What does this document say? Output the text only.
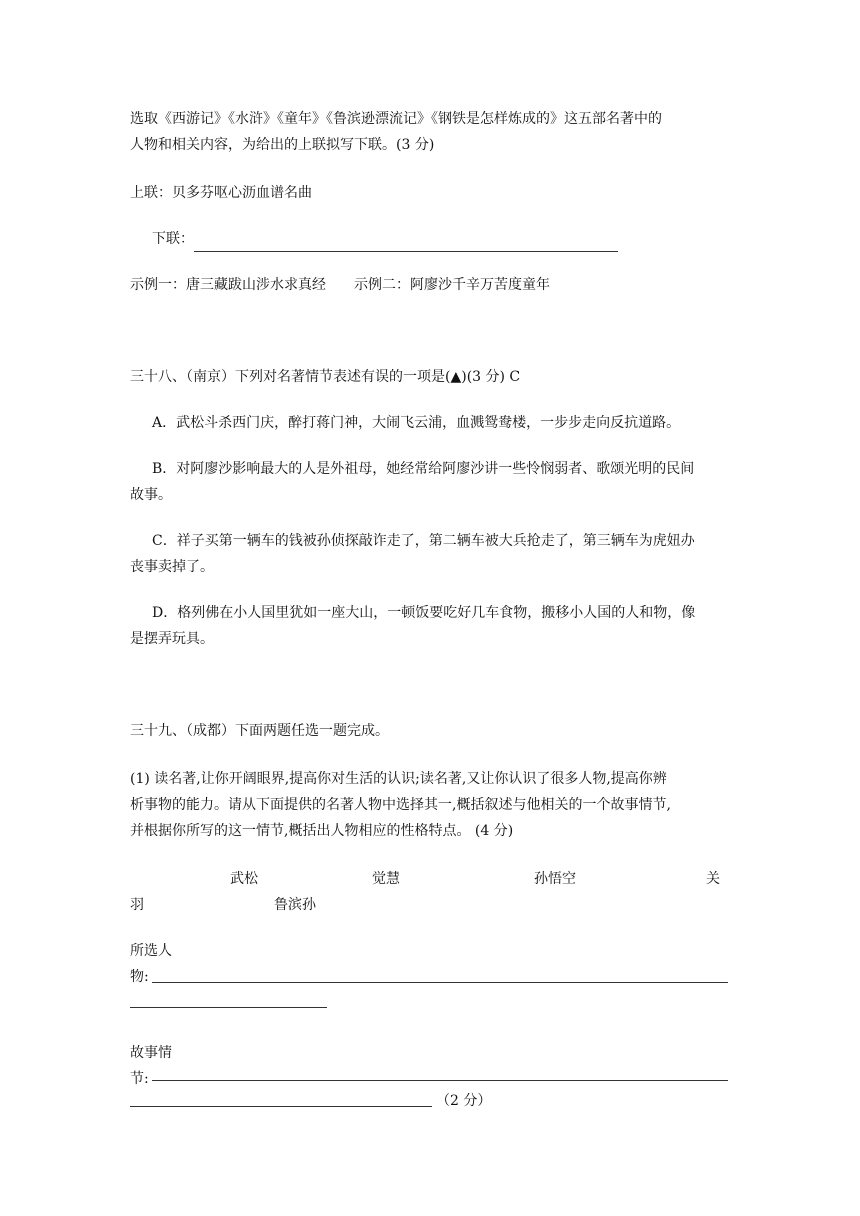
选取《西游记》《水浒》《童年》《鲁滨逊漂流记》《钢铁是怎样炼成的》这五部名著中的

人物和相关内容，为给出的上联拟写下联。(3 分)

上联：贝多芬呕心沥血谱名曲

下联：

示例一：唐三藏跋山涉水求真经　　示例二：阿廖沙千辛万苦度童年

三十八、（南京）下列对名著情节表述有误的一项是(▲)(3 分) C

A．武松斗杀西门庆，醉打蒋门神，大闹飞云浦，血溅鸳鸯楼，一步步走向反抗道路。

B．对阿廖沙影响最大的人是外祖母，她经常给阿廖沙讲一些怜悯弱者、歌颂光明的民间

故事。

C．祥子买第一辆车的钱被孙侦探敲诈走了，第二辆车被大兵抢走了，第三辆车为虎妞办

丧事卖掉了。

D．格列佛在小人国里犹如一座大山，一顿饭要吃好几车食物，搬移小人国的人和物，像

是摆弄玩具。

三十九、（成都）下面两题任选一题完成。

(1) 读名著,让你开阔眼界,提高你对生活的认识;读名著,又让你认识了很多人物,提高你辨

析事物的能力。请从下面提供的名著人物中选择其一,概括叙述与他相关的一个故事情节,

并根据你所写的这一情节,概括出人物相应的性格特点。 (4 分)

武松	觉慧	孙悟空	关
羽	鲁滨孙

所选人

物:

故事情

节:

（2 分）
